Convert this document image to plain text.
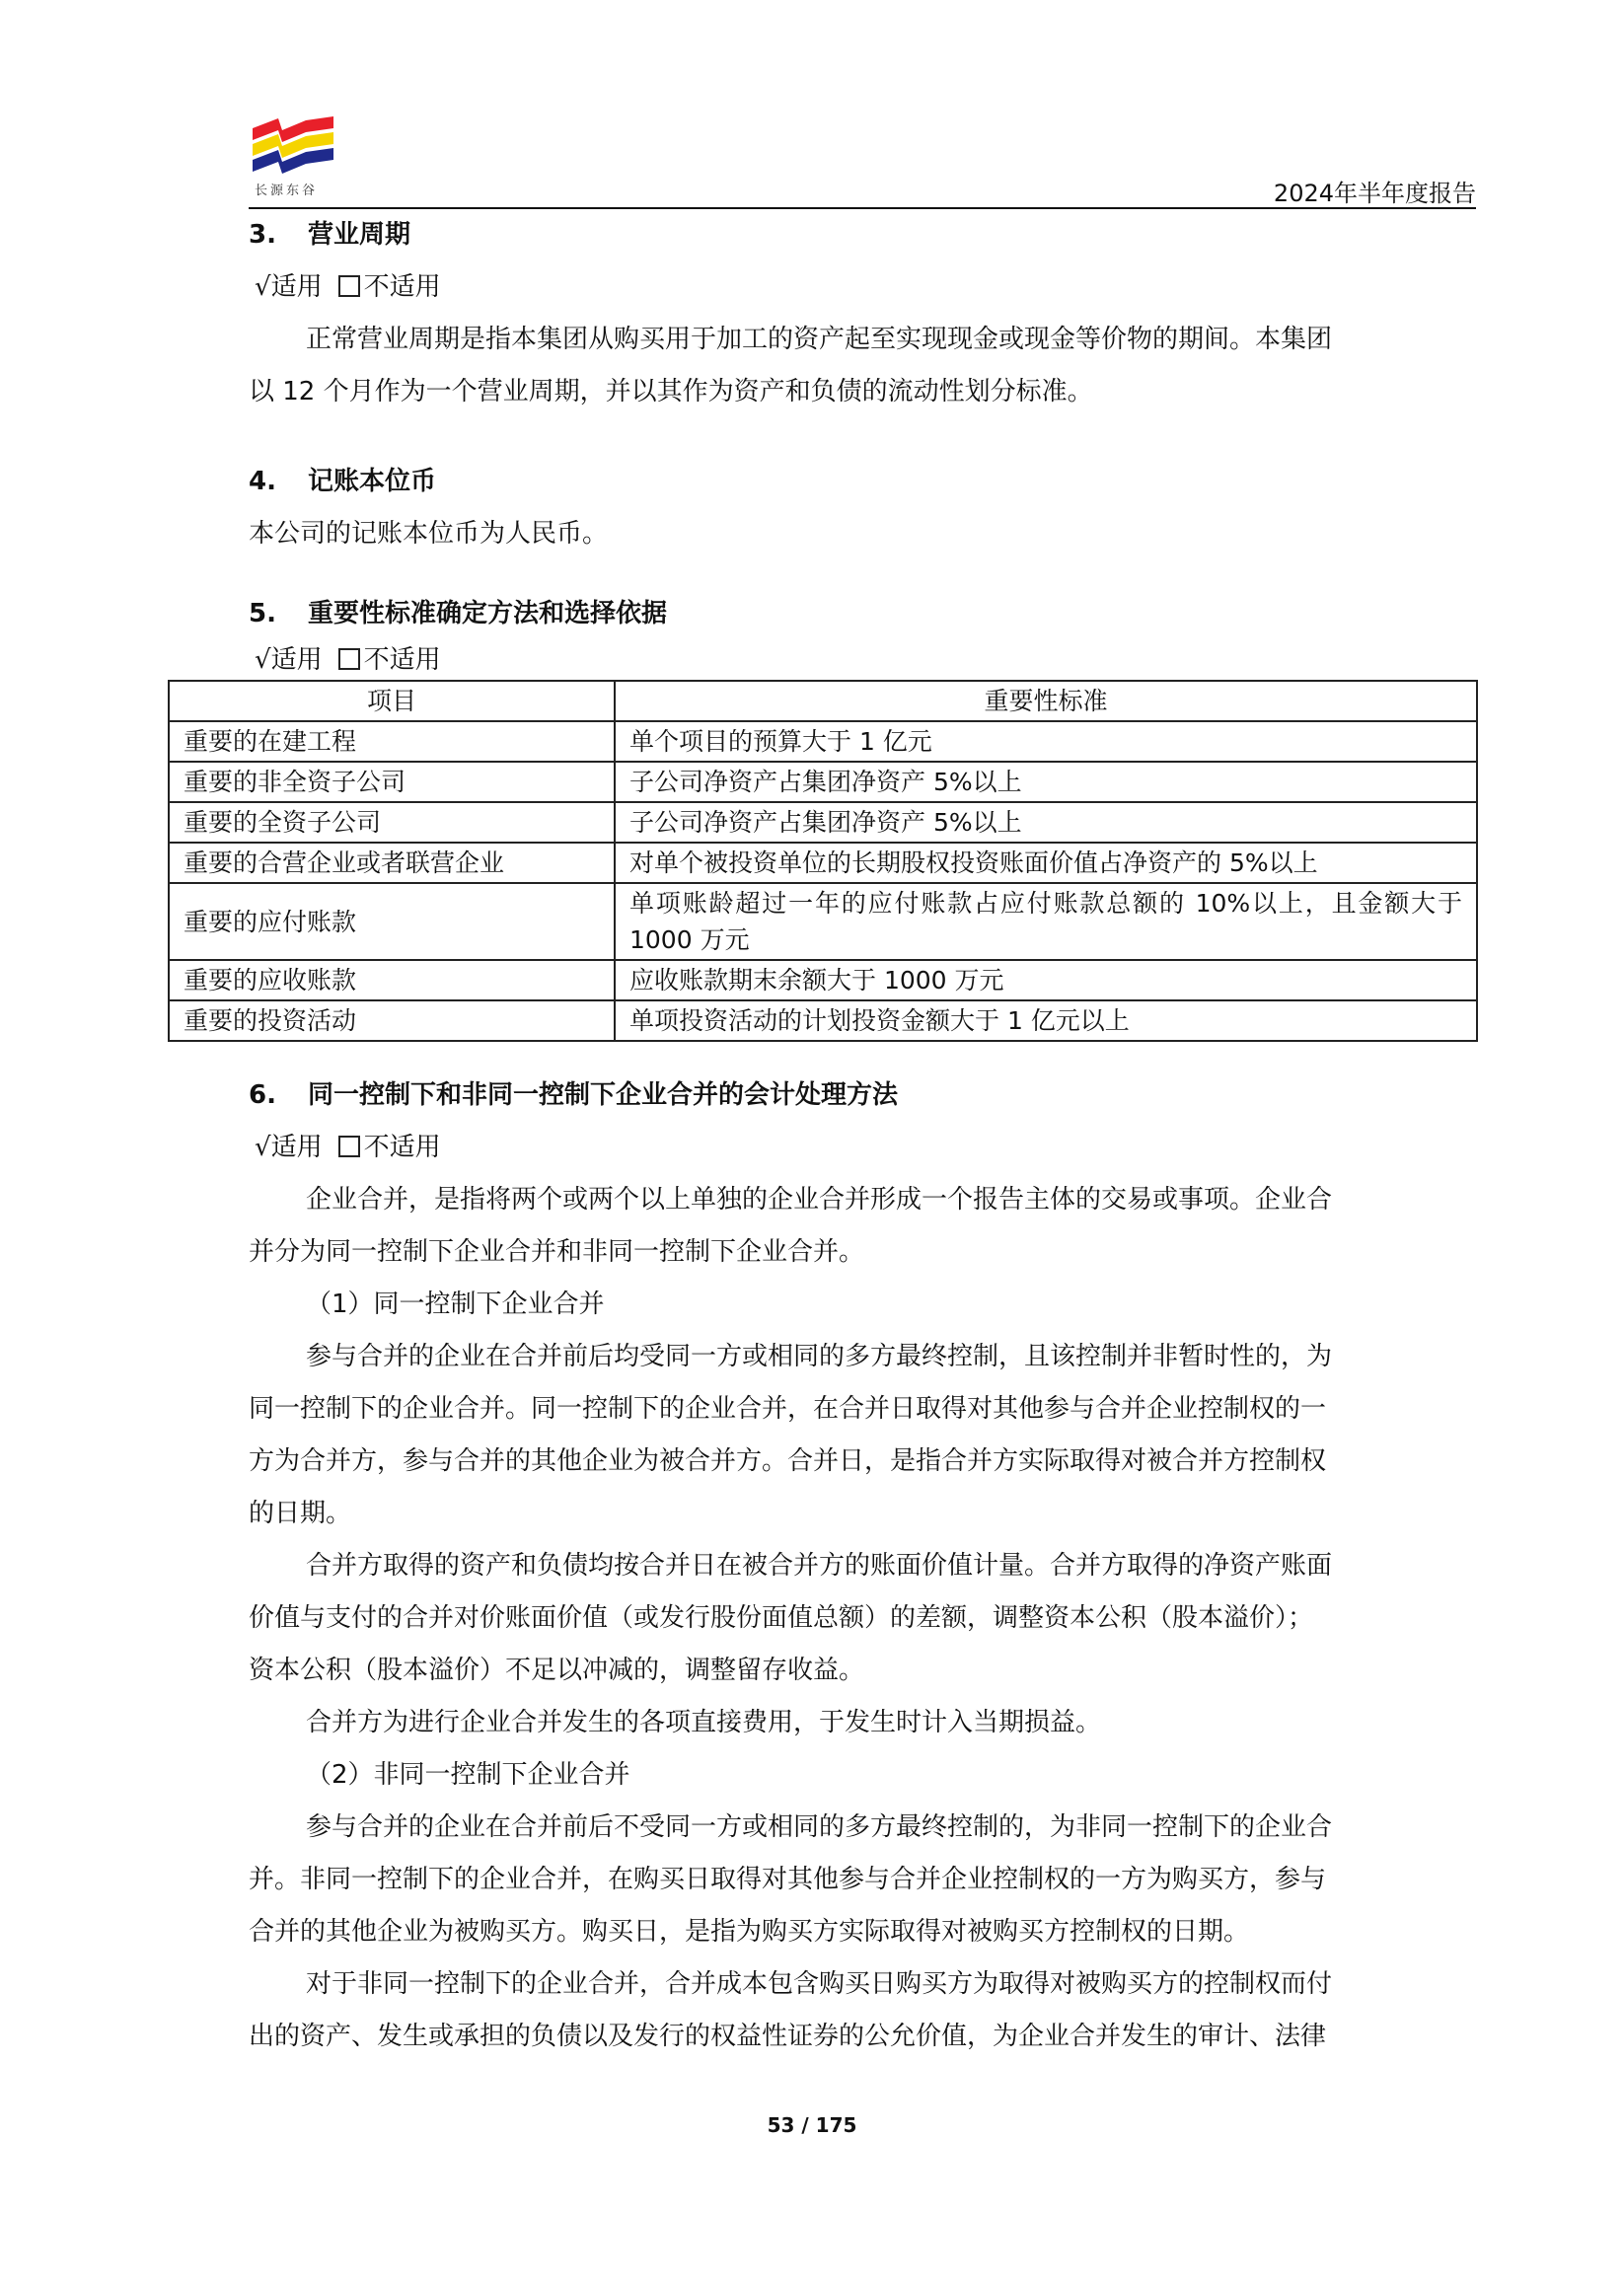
长源东谷	2024年半年度报告

3. 营业周期

√适用 不适用

正常营业周期是指本集团从购买用于加工的资产起至实现现金或现金等价物的期间。本集团

以 12 个月作为一个营业周期，并以其作为资产和负债的流动性划分标准。

4. 记账本位币

本公司的记账本位币为人民币。

5. 重要性标准确定方法和选择依据

√适用 不适用

项目	重要性标准
重要的在建工程	单个项目的预算大于 1 亿元
重要的非全资子公司	子公司净资产占集团净资产 5%以上
重要的全资子公司	子公司净资产占集团净资产 5%以上
重要的合营企业或者联营企业	对单个被投资单位的长期股权投资账面价值占净资产的 5%以上
重要的应付账款	单项账龄超过一年的应付账款占应付账款总额的 10%以上，且金额大于 1000 万元
重要的应收账款	应收账款期末余额大于 1000 万元
重要的投资活动	单项投资活动的计划投资金额大于 1 亿元以上

6. 同一控制下和非同一控制下企业合并的会计处理方法

√适用 不适用

企业合并，是指将两个或两个以上单独的企业合并形成一个报告主体的交易或事项。企业合

并分为同一控制下企业合并和非同一控制下企业合并。

（1）同一控制下企业合并

参与合并的企业在合并前后均受同一方或相同的多方最终控制，且该控制并非暂时性的，为

同一控制下的企业合并。同一控制下的企业合并，在合并日取得对其他参与合并企业控制权的一

方为合并方，参与合并的其他企业为被合并方。合并日，是指合并方实际取得对被合并方控制权

的日期。

合并方取得的资产和负债均按合并日在被合并方的账面价值计量。合并方取得的净资产账面

价值与支付的合并对价账面价值（或发行股份面值总额）的差额，调整资本公积（股本溢价）；

资本公积（股本溢价）不足以冲减的，调整留存收益。

合并方为进行企业合并发生的各项直接费用，于发生时计入当期损益。

（2）非同一控制下企业合并

参与合并的企业在合并前后不受同一方或相同的多方最终控制的，为非同一控制下的企业合

并。非同一控制下的企业合并，在购买日取得对其他参与合并企业控制权的一方为购买方，参与

合并的其他企业为被购买方。购买日，是指为购买方实际取得对被购买方控制权的日期。

对于非同一控制下的企业合并，合并成本包含购买日购买方为取得对被购买方的控制权而付

出的资产、发生或承担的负债以及发行的权益性证券的公允价值，为企业合并发生的审计、法律

53 / 175
